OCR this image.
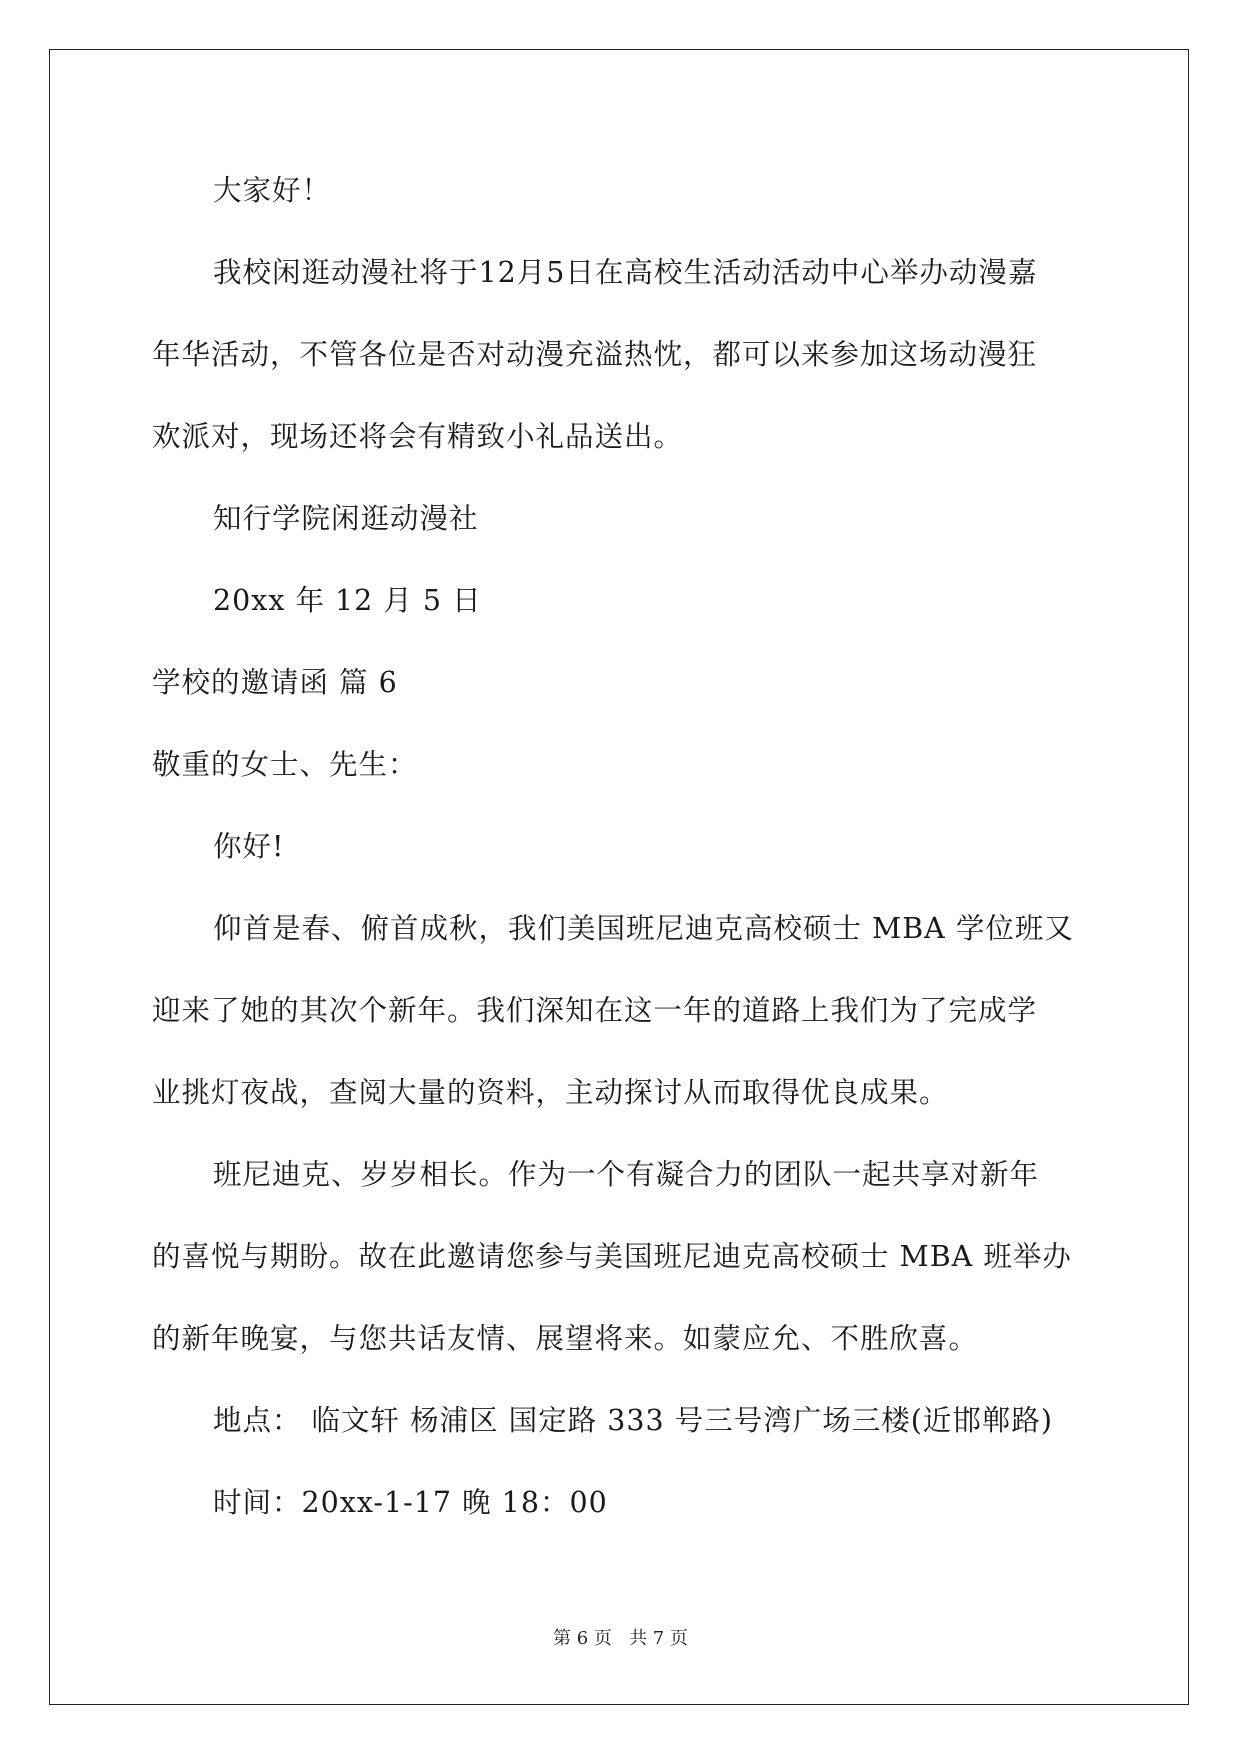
大家好！

我校闲逛动漫社将于12月5日在高校生活动活动中心举办动漫嘉

年华活动，不管各位是否对动漫充溢热忱，都可以来参加这场动漫狂

欢派对，现场还将会有精致小礼品送出。

知行学院闲逛动漫社

20xx 年 12 月 5 日

学校的邀请函 篇 6

敬重的女士、先生：

你好!

仰首是春、俯首成秋，我们美国班尼迪克高校硕士 MBA 学位班又

迎来了她的其次个新年。我们深知在这一年的道路上我们为了完成学

业挑灯夜战，查阅大量的资料，主动探讨从而取得优良成果。

班尼迪克、岁岁相长。作为一个有凝合力的团队一起共享对新年

的喜悦与期盼。故在此邀请您参与美国班尼迪克高校硕士 MBA 班举办

的新年晚宴，与您共话友情、展望将来。如蒙应允、不胜欣喜。

地点： 临文轩 杨浦区 国定路 333 号三号湾广场三楼(近邯郸路)

时间：20xx-1-17 晚 18：00

第 6 页   共 7 页
